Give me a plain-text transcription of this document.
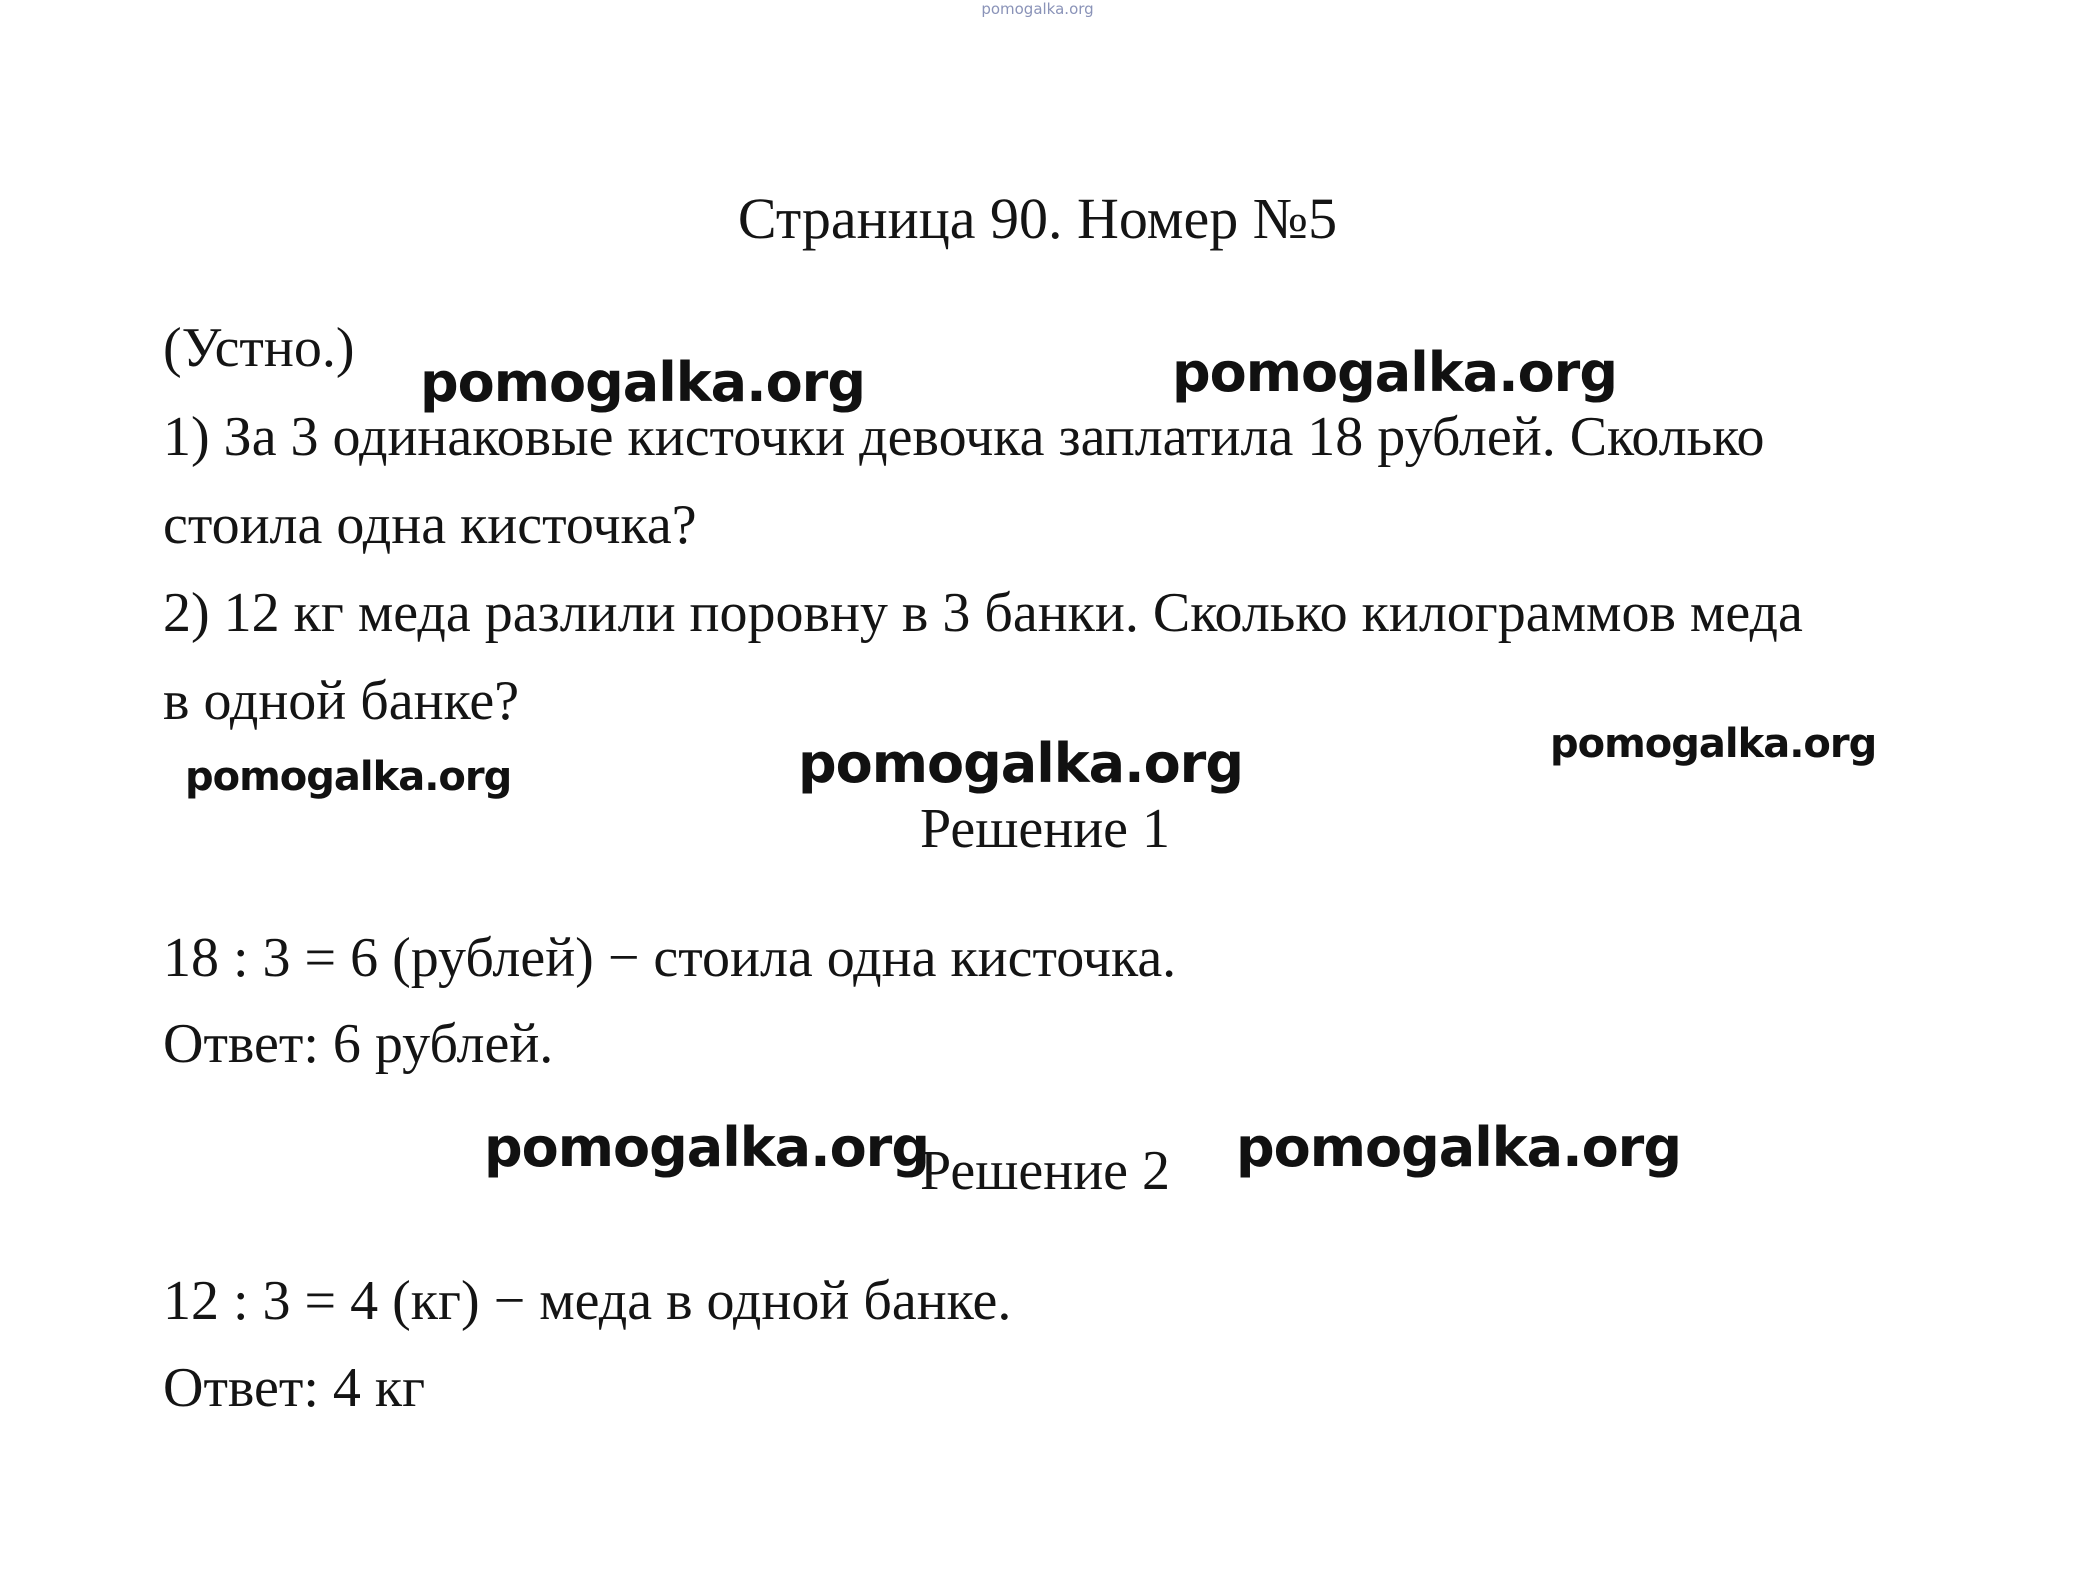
pomogalka.org
Страница 90. Номер №5
(Устно.)
pomogalka.org	pomogalka.org
1) За 3 одинаковые кисточки девочка заплатила 18 рублей. Сколько
стоила одна кисточка?
2) 12 кг меда разлили поровну в 3 банки. Сколько килограммов меда
в одной банке?
pomogalka.org	pomogalka.org	pomogalka.org
Решение 1
18 : 3 = 6 (рублей) − стоила одна кисточка.
Ответ: 6 рублей.
pomogalka.org
Решение 2 pomogalka.org
12 : 3 = 4 (кг) − меда в одной банке.
Ответ: 4 кг
